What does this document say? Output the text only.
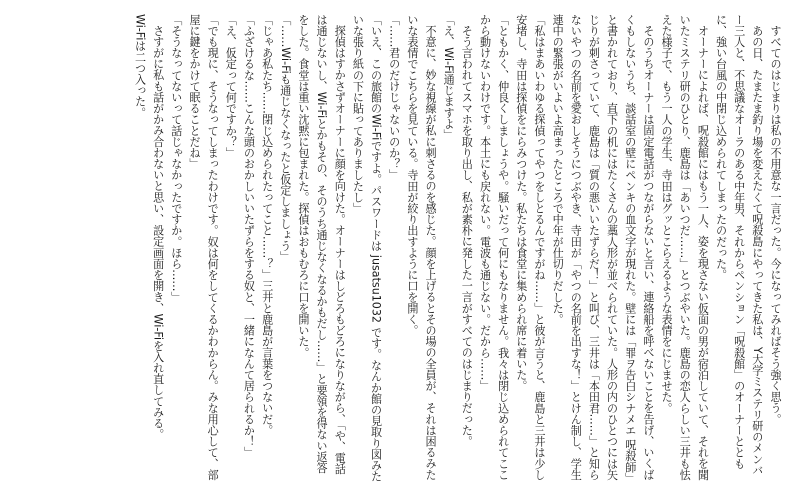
すべてのはじまりは私の不用意な一言だった。今になってみればそう強く思う。

あの日、たまたま釣り場を変えたくて呪殺島にやってきた私は、Y大学ミステリ研のメンバー三人と、不思議なオーラのある中年男、それからペンション「呪殺館」のオーナーとともに、強い台風の中閉じ込められてしまったのだった。

オーナーによれば、呪殺館にはもう一人、姿を現さない仮面の男が宿泊していて、それを聞いたミステリ研のひとり、鹿島は「あいつだ……」とつぶやいた。鹿島の恋人らしい三井も怯えた様子で、もう一人の学生、寺田はグッとこらえるような表情をにじませた。

そのうちオーナーは固定電話がつながらないと言い、連絡船を呼べないことを告げ、いくばくもしないうち、談話室の壁にペンキの血文字が現れた。壁には「罪ヲ告白シナメエ 呪殺師」と書かれており、直下の机にはたくさんの藁人形が並べられていた。人形の内のひとつには矢じりが刺さっていて、鹿島は「質の悪いいたずらだ！」と叫び、三井は「本田君……」と知らないやつの名前を愛おしそうにつぶやき、寺田が「やつの名前を出すな！」とけん制し、学生連中の緊張がいよいよ高まったところで中年が仕切りだした。

「私はまあいわゆる探偵ってやつをしとるんですがね……」と彼が言うと、鹿島と三井は少し安堵し、寺田は探偵をにらみつけた。私たちは食堂に集められ席に着いた。

「ともかく、仲良くしましょうや。騒いだって何にもなりません。我々は閉じ込められてここから動けないわけです。本土にも戻れない。電波も通じない。だから……」

そう言われてスマホを取り出し、私が素朴に発した一言がすべてのはじまりだった。

「え、Wi-Fi通じますよ」

不意に、妙な視線が私に刺さるのを感じた。顔を上げるとその場の全員が、それは困るみたいな表情でこちらを見ている。寺田が絞り出すように口を開く。

「……君のだけじゃないのか？」

「いえ、この旅館のWi-Fiですよ。パスワードは jusatsu1032 です。なんか館の見取り図みたいな張り紙の下に貼ってありましたし」

探偵はすかさずオーナーに顔を向けた。オーナーはしどろもどろになりながら、「や、電話は通じないし、Wi-Fiとかもその、そのうち通じなくなるかもだし……」と要領を得ない返答をした。食堂は重い沈黙に包まれた。探偵はおもむろに口を開いた。

「……Wi-Fiも通じなくなったと仮定しましょう」

「じゃあ私たち……閉じ込められたってこと……？」三井と鹿島が言葉をつないだ。

「ふざけるな……こんな頭のおかしいいたずらをする奴と、一緒になんて居られるか！」

「え、仮定って何ですか？」

「でも現に、そうなってしまったわけです。奴は何をしてくるかわからん。みな用心して、部屋に鍵をかけて眠ることだね」

「そうなってないって話じゃなかったですか。ほら……」

さすがに私も話がかみ合わないと思い、設定画面を開き、Wi-Fiを入れ直してみる。

Wi-Fiは二つ入った。
